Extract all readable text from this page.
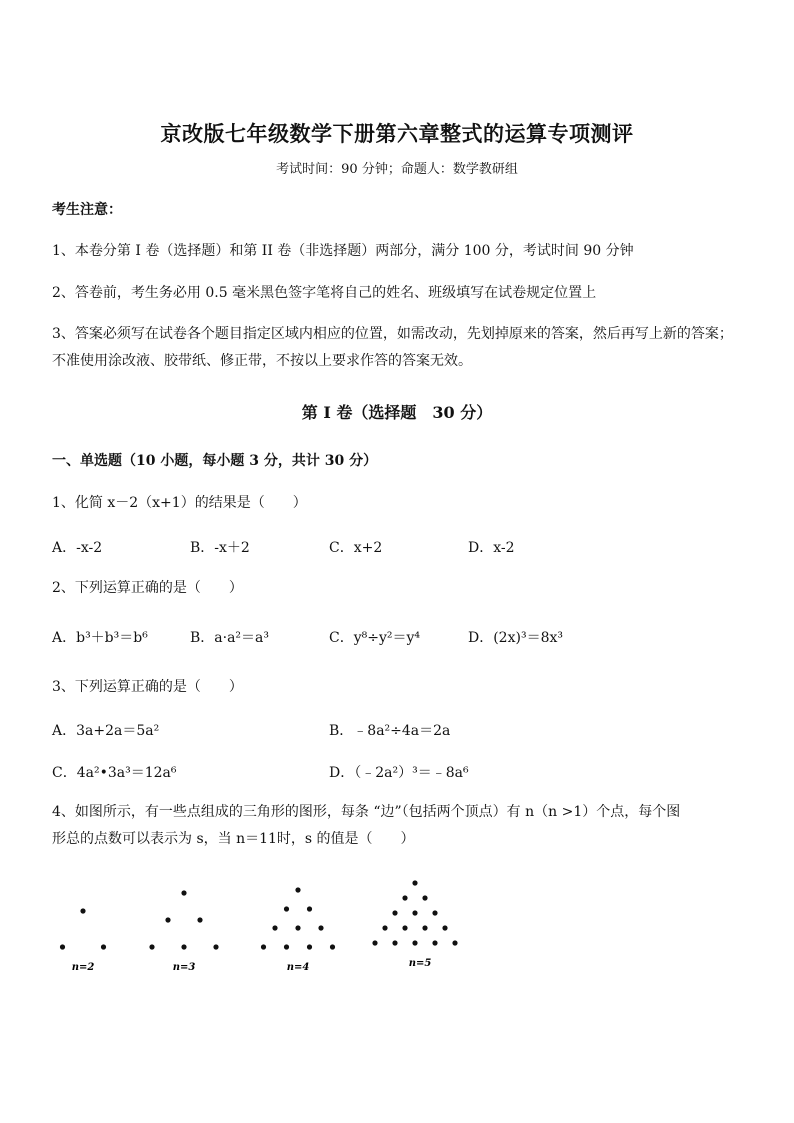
京改版七年级数学下册第六章整式的运算专项测评
考试时间：90 分钟；命题人：数学教研组
考生注意：
1、本卷分第 I 卷（选择题）和第 II 卷（非选择题）两部分，满分 100 分，考试时间 90 分钟
2、答卷前，考生务必用 0.5 毫米黑色签字笔将自己的姓名、班级填写在试卷规定位置上
3、答案必须写在试卷各个题目指定区域内相应的位置，如需改动，先划掉原来的答案，然后再写上新的答案；不准使用涂改液、胶带纸、修正带，不按以上要求作答的答案无效。
第 I 卷（选择题　30 分）
一、单选题（10 小题，每小题 3 分，共计 30 分）
1、化简 x－2（x+1）的结果是（　　）
A．-x-2	B．-x＋2	C．x+2	D．x-2
2、下列运算正确的是（　　）
A．b³＋b³＝b⁶	B．a·a²＝a³	C．y⁸÷y²＝y⁴	D．(2x)³＝8x³
3、下列运算正确的是（　　）
A．3a+2a＝5a²	B．﹣8a²÷4a＝2a
C．4a²•3a³＝12a⁶	D．（﹣2a²）³＝﹣8a⁶
4、如图所示，有一些点组成的三角形的图形，每条 “边”（包括两个顶点）有 n（n >1）个点，每个图
形总的点数可以表示为 s，当 n＝11时，s 的值是（　　）
n=2	n=3	n=4	n=5
